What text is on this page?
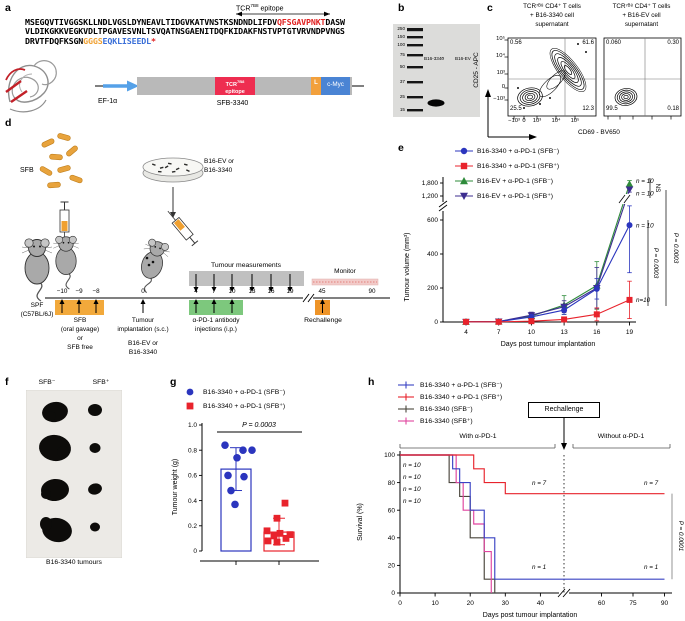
0
200
400
600
1,200
1,800
4	7	10	13	16	19
Days post tumour implantation
Tumour volume (mm³)
n = 10
n=10
n = 10
n = 10
NS
P = 0.0003 P = 0.0003
0
0.2
0.4
0.6
0.8
1.0	P = 0.0003
Tumour weight (g)
0
20
40
60
80
100
0	10	20	30	40	60	75	90
Days post tumour implantation
Survival (%)	P = 0.0001
a	b	c
d
e
f	g	h
$TCR^{7B8}$ epitope
MSEGQVTIVGGSKLLNDLVGSLDYNEAVLTIDGVKATVNSTKSNDNDLIFDVQFSGAVPNKTDASW
VLDIKGKKVEGKVDLTPGAVESVNLTSVQATNSGAENITDQFKIDAKFNSTVPTGTVRVNDPVNGS
DRVTFDQFKSGNGGGSEQKLISEEDL*
$TCR^{7B8}$
epitope
L	c-Myc
EF-1α	SFB-3340
B16-3340 B16-EV
TCR⁷ᴮ⁸ CD4⁺ T cells
+ B16-3340 cell
supernatant
TCR⁷ᴮ⁸ CD4⁺ T cells
+ B16-EV cell
supernatant
10⁵
10⁴
10³
0
−10³
−10³ 0	10³	10⁴	10⁵
0.56	61.6
25.5	12.3
0.060	0.30
99.5	0.18
CD25 - APC
CD69 - BV650
SFB
B16-EV or
B16-3340
SPF
(C57BL/6J)
SFB
(oral gavage)
or
SFB free
Tumour
implantation (s.c.)
B16-EV or
B16-3340
Tumour measurements
α-PD-1 antibody
injections (i.p.)
Monitor
Rechallenge
SFB⁻	SFB⁺
B16-3340 tumours
B16-3340 + α-PD-1 (SFB⁻)
B16-3340 + α-PD-1 (SFB⁺)
B16-EV + α-PD-1 (SFB⁻)
B16-EV + α-PD-1 (SFB⁺)
B16-3340 + α-PD-1 (SFB⁻)
B16-3340 + α-PD-1 (SFB⁺)
B16-3340 + α-PD-1 (SFB⁻)
B16-3340 + α-PD-1 (SFB⁺)
B16-3340 (SFB⁻)
B16-3340 (SFB⁺)
Rechallenge
With α-PD-1	Without α-PD-1
n = 10
n = 10
n = 10
n = 10
n = 7	n = 7
n = 1	n = 1
250
150
100
75
50
37
25
15
−10	−9	−8	0	4	7	10	13	16	19	45	90
